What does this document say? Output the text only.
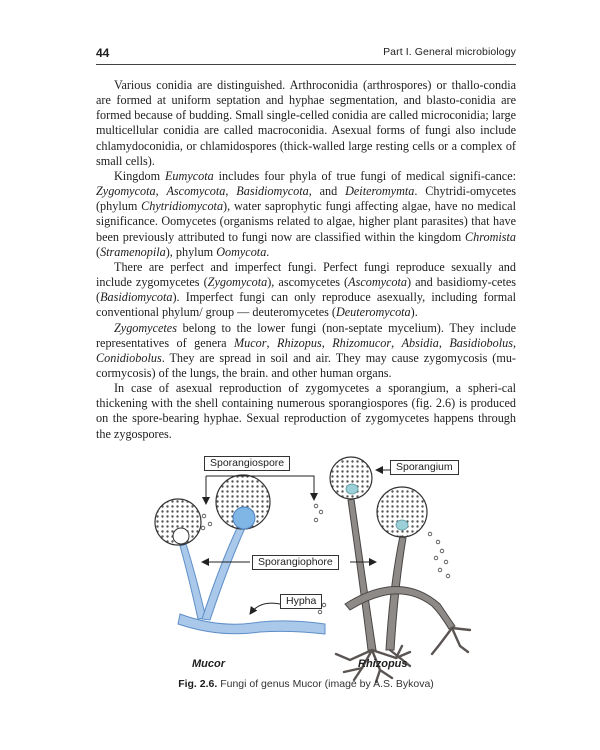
44	Part I. General microbiology

Various conidia are distinguished. Arthroconidia (arthrospores) or thallo-condia are formed at uniform septation and hyphae segmentation, and blasto-conidia are formed because of budding. Small single-celled conidia are called microconidia; large multicellular conidia are called macroconidia. Asexual forms of fungi also include chlamydoconidia, or chlamidospores (thick-walled large resting cells or a complex of small cells).

Kingdom Eumycota includes four phyla of true fungi of medical signifi-cance: Zygomycota, Ascomycota, Basidiomycota, and Deiteromymta. Chytridi-omycetes (phylum Chytridiomycota), water saprophytic fungi affecting algae, have no medical significance. Oomycetes (organisms related to algae, higher plant parasites) that have been previously attributed to fungi now are classified within the kingdom Chromista (Stramenopila), phylum Oomycota.

There are perfect and imperfect fungi. Perfect fungi reproduce sexually and include zygomycetes (Zygomycota), ascomycetes (Ascomycota) and basidiomy-cetes (Basidiomycota). Imperfect fungi can only reproduce asexually, including formal conventional phylum/ group — deuteromycetes (Deuteromycota).

Zygomycetes belong to the lower fungi (non-septate mycelium). They include representatives of genera Mucor, Rhizopus, Rhizomucor, Absidia, Basidiobolus, Conidiobolus. They are spread in soil and air. They may cause zygomycosis (mu-cormycosis) of the lungs, the brain. and other human organs.

In case of asexual reproduction of zygomycetes a sporangium, a spheri-cal thickening with the shell containing numerous sporangiospores (fig. 2.6) is produced on the spore-bearing hyphae. Sexual reproduction of zygomycetes happens through the zygospores.

Sporangiospore	Sporangium
Sporangiophore
Hypha
Mucor	Rhizopus
Fig. 2.6. Fungi of genus Mucor (image by A.S. Bykova)
